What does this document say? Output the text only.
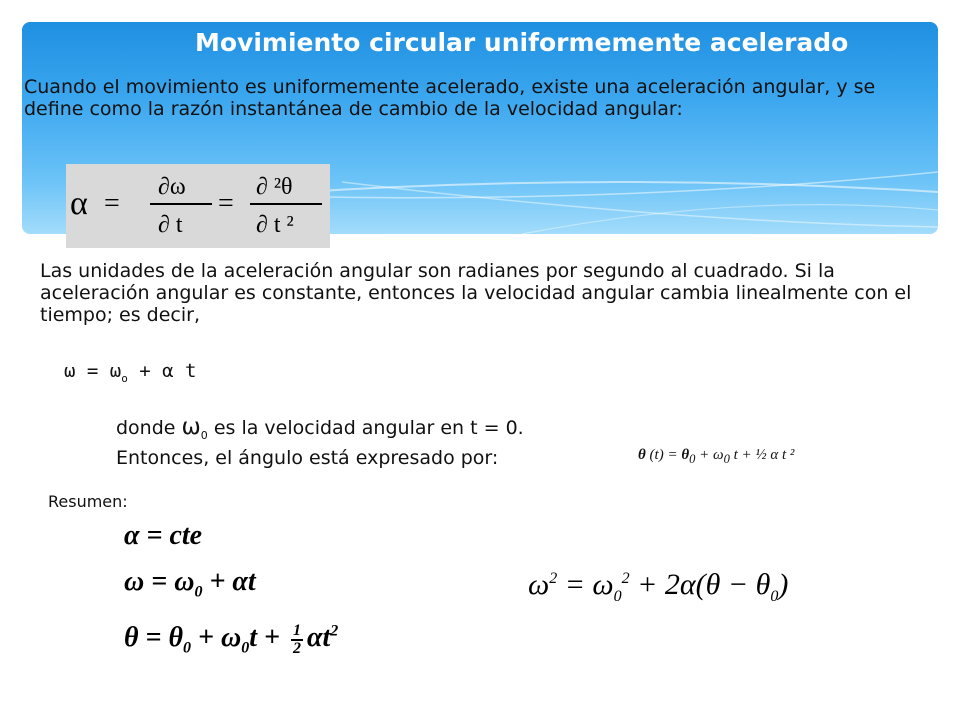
Movimiento circular uniformemente acelerado
Cuando el movimiento es uniformemente acelerado, existe una aceleración angular, y se define como la razón instantánea de cambio de la velocidad angular:
α =
∂ω
∂ t
=
∂ ²θ
∂ t ²
Las unidades de la aceleración angular son radianes por segundo al cuadrado. Si la aceleración angular es constante, entonces la velocidad angular cambia linealmente con el tiempo; es decir,
$\omega = \omega_o + \alpha$ t
donde $\omega_0$ es la velocidad angular en t = 0.
Entonces, el ángulo está expresado por:	θ $(t) = \theta_0 + \omega_0$ t + ½ α t ²
Resumen:
α = cte
$\omega = \omega_0 + \alpha t$
$\theta = \theta_0 + \omega_0t + \frac{1}{2} \alpha t^2$
$\omega^2 = \omega_0^2 + 2\alpha(\theta - \theta_0)$
